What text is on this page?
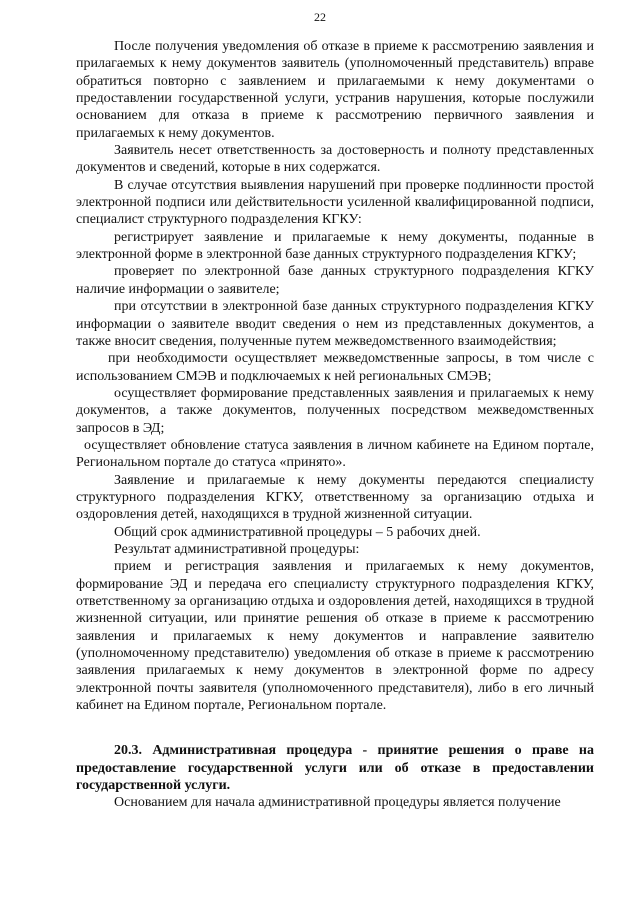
22

После получения уведомления об отказе в приеме к рассмотрению заявления и прилагаемых к нему документов заявитель (уполномоченный представитель) вправе обратиться повторно с заявлением и прилагаемыми к нему документами о предоставлении государственной услуги, устранив нарушения, которые послужили основанием для отказа в приеме к рассмотрению первичного заявления и прилагаемых к нему документов.

Заявитель несет ответственность за достоверность и полноту представленных документов и сведений, которые в них содержатся.

В случае отсутствия выявления нарушений при проверке подлинности простой электронной подписи или действительности усиленной квалифицированной подписи, специалист структурного подразделения КГКУ:

регистрирует заявление и прилагаемые к нему документы, поданные в электронной форме в электронной базе данных структурного подразделения КГКУ;

проверяет по электронной базе данных структурного подразделения КГКУ наличие информации о заявителе;

при отсутствии в электронной базе данных структурного подразделения КГКУ информации о заявителе вводит сведения о нем из представленных документов, а также вносит сведения, полученные путем межведомственного взаимодействия;

при необходимости осуществляет межведомственные запросы, в том числе с использованием СМЭВ и подключаемых к ней региональных СМЭВ;

осуществляет формирование представленных заявления и прилагаемых к нему документов, а также документов, полученных посредством межведомственных запросов в ЭД;

осуществляет обновление статуса заявления в личном кабинете на Едином портале, Региональном портале до статуса «принято».

Заявление и прилагаемые к нему документы передаются специалисту структурного подразделения КГКУ, ответственному за организацию отдыха и оздоровления детей, находящихся в трудной жизненной ситуации.

Общий срок административной процедуры – 5 рабочих дней.

Результат административной процедуры:

прием и регистрация заявления и прилагаемых к нему документов, формирование ЭД и передача его специалисту структурного подразделения КГКУ, ответственному за организацию отдыха и оздоровления детей, находящихся в трудной жизненной ситуации, или принятие решения об отказе в приеме к рассмотрению заявления и прилагаемых к нему документов и направление заявителю (уполномоченному представителю) уведомления об отказе в приеме к рассмотрению заявления прилагаемых к нему документов в электронной форме по адресу электронной почты заявителя (уполномоченного представителя), либо в его личный кабинет на Едином портале, Региональном портале.

20.3. Административная процедура - принятие решения о праве на предоставление государственной услуги или об отказе в предоставлении государственной услуги.

Основанием для начала административной процедуры является получение
